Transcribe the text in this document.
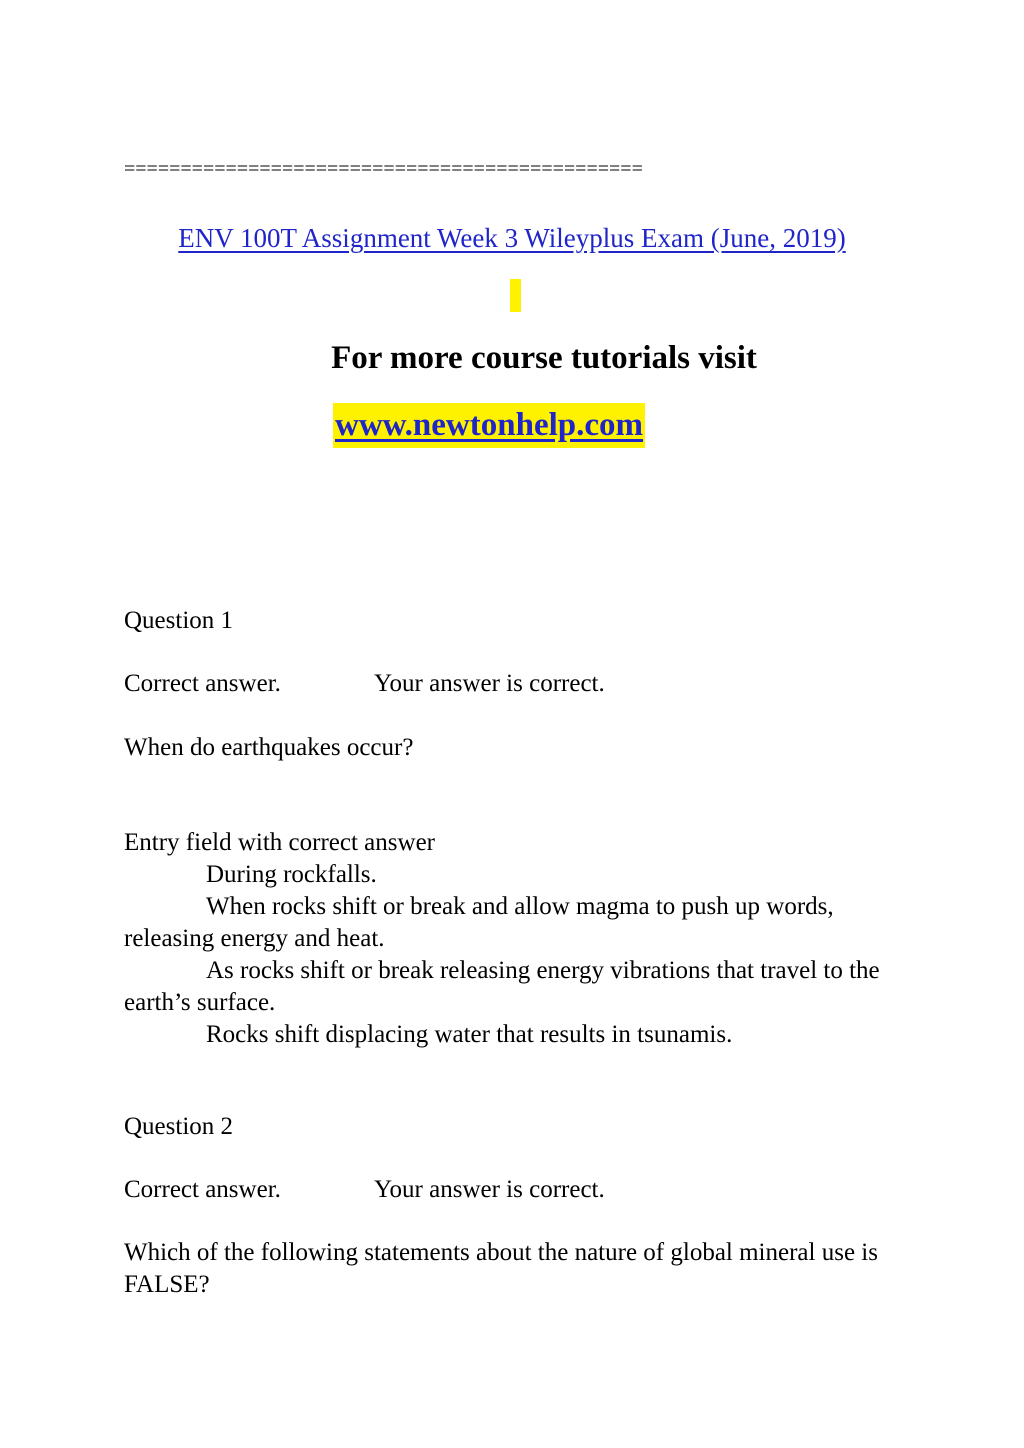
==============================================
ENV 100T Assignment Week 3 Wileyplus Exam (June, 2019)
For more course tutorials visit
www.newtonhelp.com
Question 1
Correct answer.	Your answer is correct.
When do earthquakes occur?
Entry field with correct answer
During rockfalls.
When rocks shift or break and allow magma to push up words, releasing energy and heat.
As rocks shift or break releasing energy vibrations that travel to the earth’s surface.
Rocks shift displacing water that results in tsunamis.
Question 2
Correct answer.	Your answer is correct.
Which of the following statements about the nature of global mineral use is FALSE?
